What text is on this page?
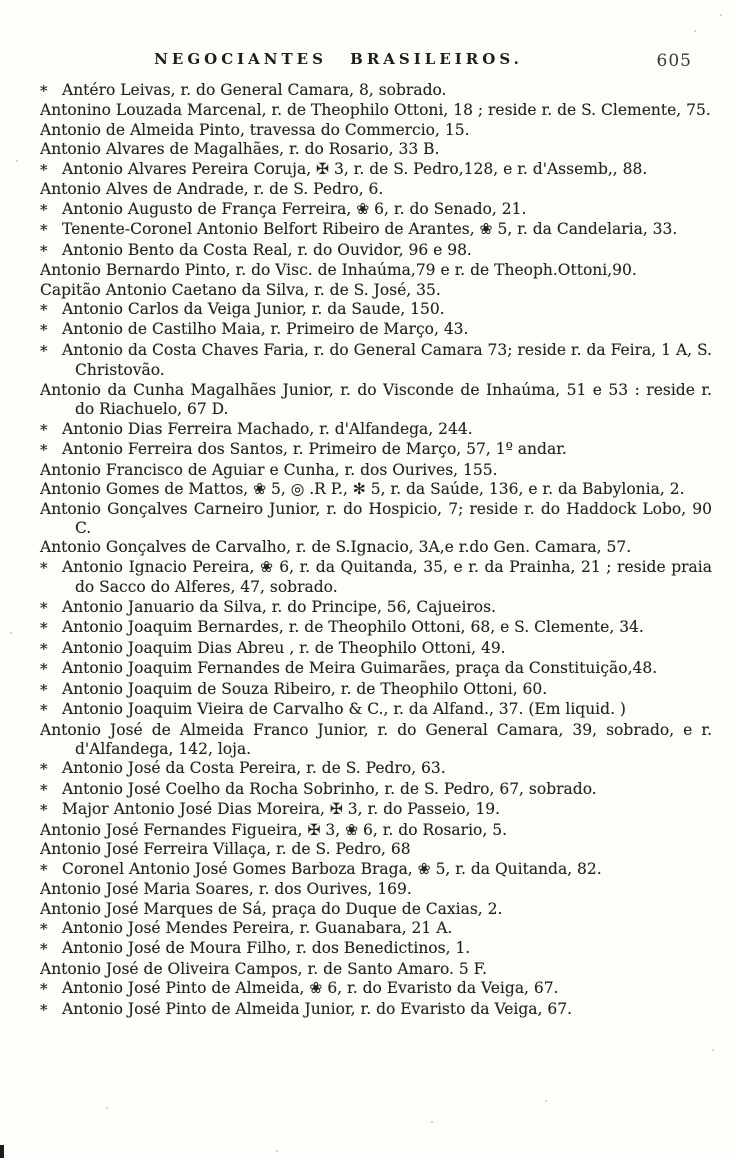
NEGOCIANTES BRASILEIROS.	605

* Antéro Leivas, r. do General Camara, 8, sobrado.

Antonino Louzada Marcenal, r. de Theophilo Ottoni, 18 ; reside r. de S. Clemente, 75.

Antonio de Almeida Pinto, travessa do Commercio, 15.

Antonio Alvares de Magalhães, r. do Rosario, 33 B.

* Antonio Alvares Pereira Coruja, ✠ 3, r. de S. Pedro,128, e r. d'Assemb,, 88.

Antonio Alves de Andrade, r. de S. Pedro, 6.

* Antonio Augusto de França Ferreira, ❀ 6, r. do Senado, 21.

* Tenente-Coronel Antonio Belfort Ribeiro de Arantes, ❀ 5, r. da Candelaria, 33.

* Antonio Bento da Costa Real, r. do Ouvidor, 96 e 98.

Antonio Bernardo Pinto, r. do Visc. de Inhaúma,79 e r. de Theoph.Ottoni,90.

Capitão Antonio Caetano da Silva, r. de S. José, 35.

* Antonio Carlos da Veiga Junior, r. da Saude, 150.

* Antonio de Castilho Maia, r. Primeiro de Março, 43.

* Antonio da Costa Chaves Faria, r. do General Camara 73; reside r. da Feira, 1 A, S. Christovão.

Antonio da Cunha Magalhães Junior, r. do Visconde de Inhaúma, 51 e 53 : reside r. do Riachuelo, 67 D.

* Antonio Dias Ferreira Machado, r. d'Alfandega, 244.

* Antonio Ferreira dos Santos, r. Primeiro de Março, 57, 1º andar.

Antonio Francisco de Aguiar e Cunha, r. dos Ourives, 155.

Antonio Gomes de Mattos, ❀ 5, ◎ .R P., ✻ 5, r. da Saúde, 136, e r. da Babylonia, 2.

Antonio Gonçalves Carneiro Junior, r. do Hospicio, 7; reside r. do Haddock Lobo, 90 C.

Antonio Gonçalves de Carvalho, r. de S.Ignacio, 3A,e r.do Gen. Camara, 57.

* Antonio Ignacio Pereira, ❀ 6, r. da Quitanda, 35, e r. da Prainha, 21 ; reside praia do Sacco do Alferes, 47, sobrado.

* Antonio Januario da Silva, r. do Principe, 56, Cajueiros.

* Antonio Joaquim Bernardes, r. de Theophilo Ottoni, 68, e S. Clemente, 34.

* Antonio Joaquim Dias Abreu , r. de Theophilo Ottoni, 49.

* Antonio Joaquim Fernandes de Meira Guimarães, praça da Constituição,48.

* Antonio Joaquim de Souza Ribeiro, r. de Theophilo Ottoni, 60.

* Antonio Joaquim Vieira de Carvalho & C., r. da Alfand., 37. (Em liquid. )

Antonio José de Almeida Franco Junior, r. do General Camara, 39, sobrado, e r. d'Alfandega, 142, loja.

* Antonio José da Costa Pereira, r. de S. Pedro, 63.

* Antonio José Coelho da Rocha Sobrinho, r. de S. Pedro, 67, sobrado.

* Major Antonio José Dias Moreira, ✠ 3, r. do Passeio, 19.

Antonio José Fernandes Figueira, ✠ 3, ❀ 6, r. do Rosario, 5.

Antonio José Ferreira Villaça, r. de S. Pedro, 68

* Coronel Antonio José Gomes Barboza Braga, ❀ 5, r. da Quitanda, 82.

Antonio José Maria Soares, r. dos Ourives, 169.

Antonio José Marques de Sá, praça do Duque de Caxias, 2.

* Antonio José Mendes Pereira, r. Guanabara, 21 A.

* Antonio José de Moura Filho, r. dos Benedictinos, 1.

Antonio José de Oliveira Campos, r. de Santo Amaro. 5 F.

* Antonio José Pinto de Almeida, ❀ 6, r. do Evaristo da Veiga, 67.

* Antonio José Pinto de Almeida Junior, r. do Evaristo da Veiga, 67.
